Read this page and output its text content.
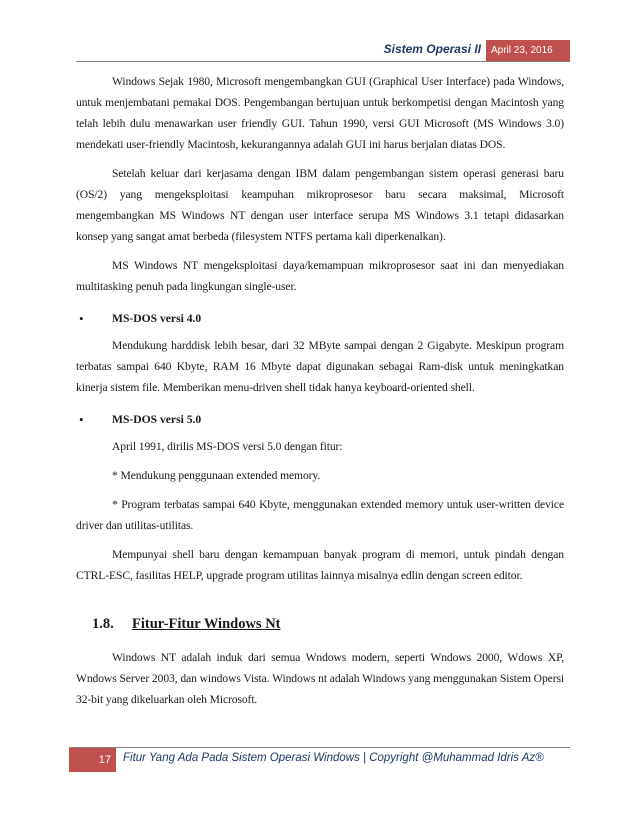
Sistem Operasi II	April 23, 2016

Windows Sejak 1980, Microsoft mengembangkan GUI (Graphical User Interface) pada Windows, untuk menjembatani pemakai DOS. Pengembangan bertujuan untuk berkompetisi dengan Macintosh yang telah lebih dulu menawarkan user friendly GUI. Tahun 1990, versi GUI Microsoft (MS Windows 3.0) mendekati user-friendly Macintosh, kekurangannya adalah GUI ini harus berjalan diatas DOS.

Setelah keluar dari kerjasama dengan IBM dalam pengembangan sistem operasi generasi baru (OS/2) yang mengeksploitasi keampuhan mikroprosesor baru secara maksimal, Microsoft mengembangkan MS Windows NT dengan user interface serupa MS Windows 3.1 tetapi didasarkan konsep yang sangat amat berbeda (filesystem NTFS pertama kali diperkenalkan).

MS Windows NT mengeksploitasi daya/kemampuan mikroprosesor saat ini dan menyediakan multitasking penuh pada lingkungan single-user.

•	MS-DOS versi 4.0

Mendukung harddisk lebih besar, dari 32 MByte sampai dengan 2 Gigabyte. Meskipun program terbatas sampai 640 Kbyte, RAM 16 Mbyte dapat digunakan sebagai Ram-disk untuk meningkatkan kinerja sistem file. Memberikan menu-driven shell tidak hanya keyboard-oriented shell.

•	MS-DOS versi 5.0

April 1991, dirilis MS-DOS versi 5.0 dengan fitur:

* Mendukung penggunaan extended memory.

* Program terbatas sampai 640 Kbyte, menggunakan extended memory untuk user-written device driver dan utilitas-utilitas.

Mempunyai shell baru dengan kemampuan banyak program di memori, untuk pindah dengan CTRL-ESC, fasilitas HELP, upgrade program utilitas lainnya misalnya edlin dengan screen editor.

1.8.	Fitur-Fitur Windows Nt

Windows NT adalah induk dari semua Wndows modern, seperti Wndows 2000, Wdows XP, Wndows Server 2003, dan windows Vista. Windows nt adalah Windows yang menggunakan Sistem Opersi 32-bit yang dikeluarkan oleh Microsoft.

17	Fitur Yang Ada Pada Sistem Operasi Windows | Copyright @Muhammad Idris Az®
